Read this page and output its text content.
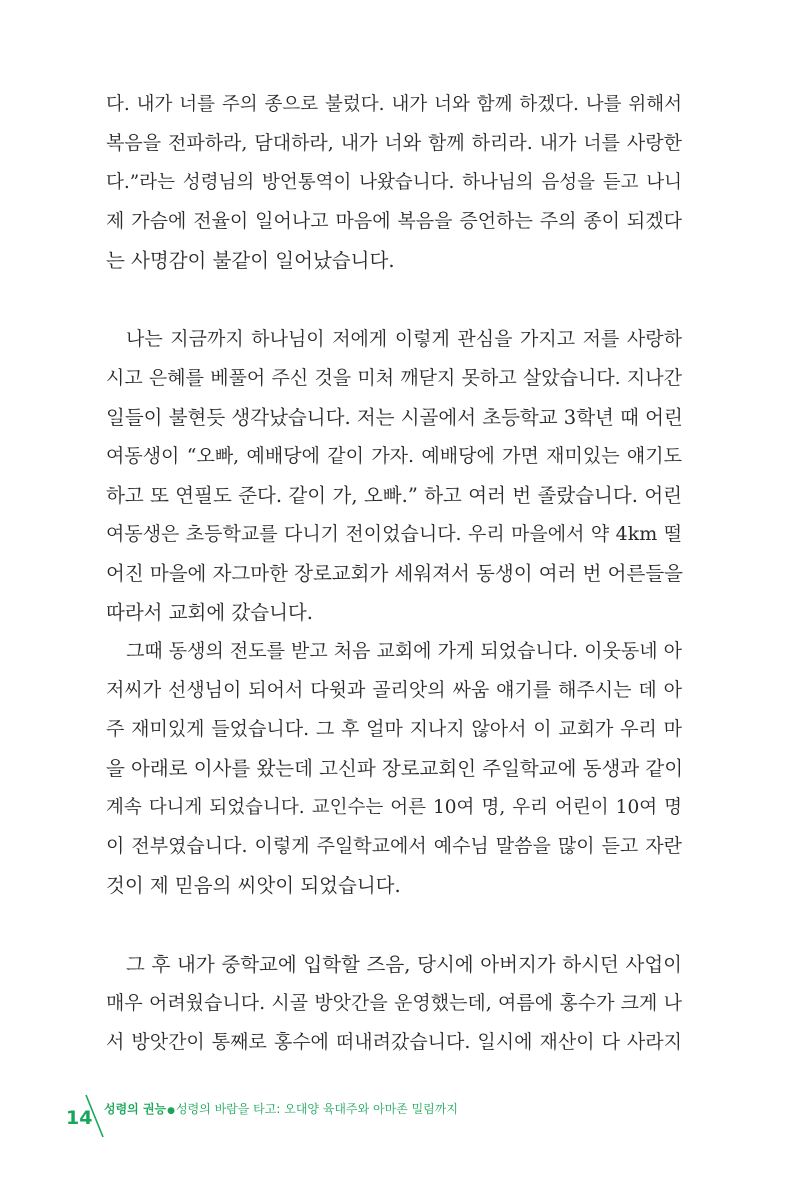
다. 내가 너를 주의 종으로 불렀다. 내가 너와 함께 하겠다. 나를 위해서
복음을 전파하라, 담대하라, 내가 너와 함께 하리라. 내가 너를 사랑한
다.”라는 성령님의 방언통역이 나왔습니다. 하나님의 음성을 듣고 나니
제 가슴에 전율이 일어나고 마음에 복음을 증언하는 주의 종이 되겠다
는 사명감이 불같이 일어났습니다.
나는 지금까지 하나님이 저에게 이렇게 관심을 가지고 저를 사랑하
시고 은혜를 베풀어 주신 것을 미처 깨닫지 못하고 살았습니다. 지나간
일들이 불현듯 생각났습니다. 저는 시골에서 초등학교 3학년 때 어린
여동생이 “오빠, 예배당에 같이 가자. 예배당에 가면 재미있는 얘기도
하고 또 연필도 준다. 같이 가, 오빠.” 하고 여러 번 졸랐습니다. 어린
여동생은 초등학교를 다니기 전이었습니다. 우리 마을에서 약 4km 떨
어진 마을에 자그마한 장로교회가 세워져서 동생이 여러 번 어른들을
따라서 교회에 갔습니다.
그때 동생의 전도를 받고 처음 교회에 가게 되었습니다. 이웃동네 아
저씨가 선생님이 되어서 다윗과 골리앗의 싸움 얘기를 해주시는 데 아
주 재미있게 들었습니다. 그 후 얼마 지나지 않아서 이 교회가 우리 마
을 아래로 이사를 왔는데 고신파 장로교회인 주일학교에 동생과 같이
계속 다니게 되었습니다. 교인수는 어른 10여 명, 우리 어린이 10여 명
이 전부였습니다. 이렇게 주일학교에서 예수님 말씀을 많이 듣고 자란
것이 제 믿음의 씨앗이 되었습니다.
그 후 내가 중학교에 입학할 즈음, 당시에 아버지가 하시던 사업이
매우 어려웠습니다. 시골 방앗간을 운영했는데, 여름에 홍수가 크게 나
서 방앗간이 통째로 홍수에 떠내려갔습니다. 일시에 재산이 다 사라지
14 성령의 권능●성령의 바람을 타고: 오대양 육대주와 아마존 밀림까지
